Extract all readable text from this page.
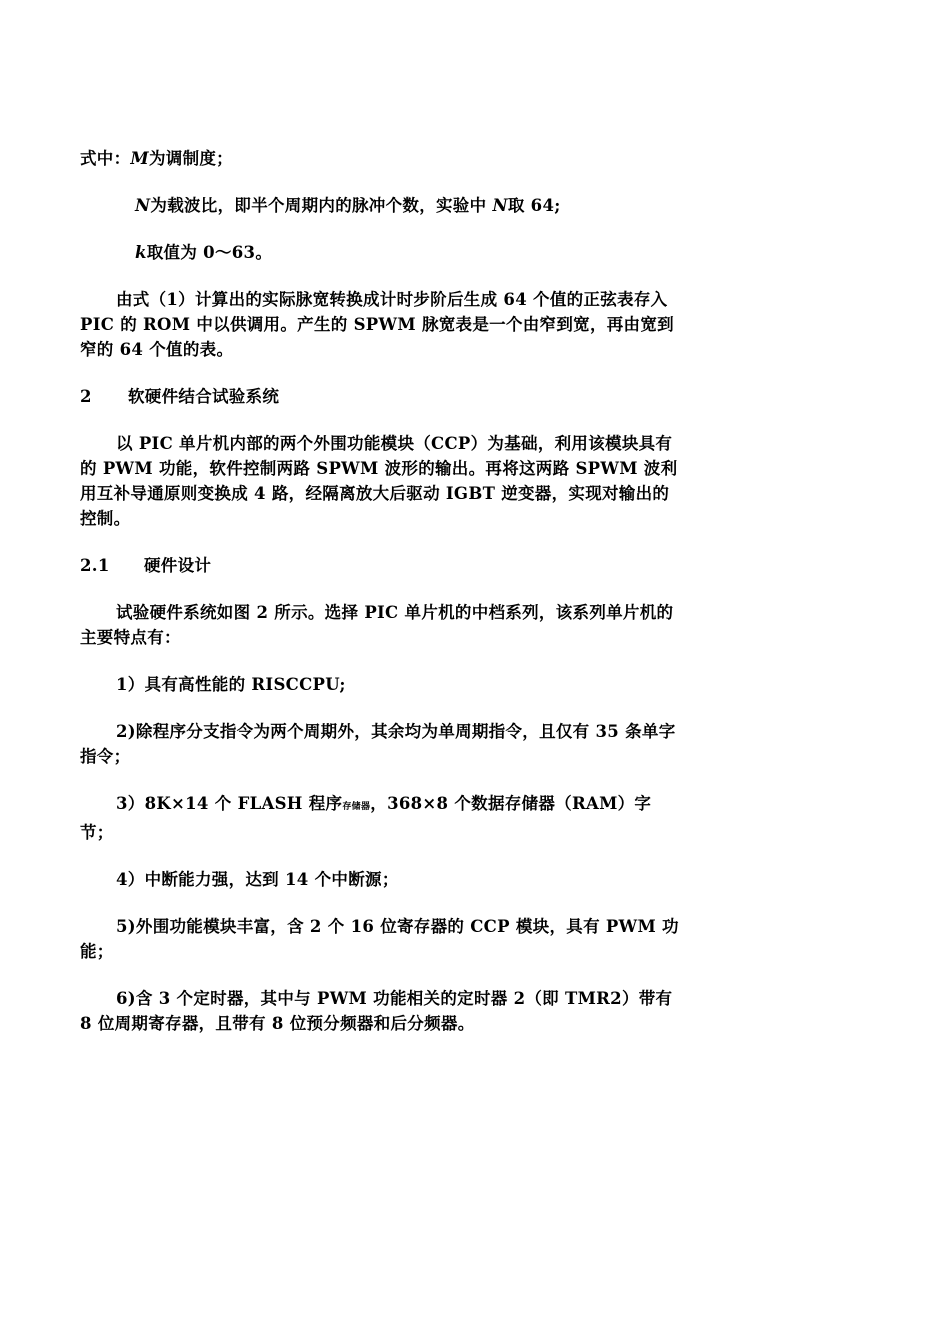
式中：M为调制度；

N为载波比，即半个周期内的脉冲个数，实验中 N取 64;

k取值为 0～63。

由式（1）计算出的实际脉宽转换成计时步阶后生成 64 个值的正弦表存入 PIC 的 ROM 中以供调用。产生的 SPWM 脉宽表是一个由窄到宽，再由宽到窄的 64 个值的表。

2 软硬件结合试验系统

以 PIC 单片机内部的两个外围功能模块（CCP）为基础，利用该模块具有的 PWM 功能，软件控制两路 SPWM 波形的输出。再将这两路 SPWM 波利用互补导通原则变换成 4 路，经隔离放大后驱动 IGBT 逆变器，实现对输出的控制。

2.1 硬件设计

试验硬件系统如图 2 所示。选择 PIC 单片机的中档系列，该系列单片机的主要特点有：

1）具有高性能的 RISCCPU;

2)除程序分支指令为两个周期外，其余均为单周期指令，且仅有 35 条单字指令；

3）8K×14 个 FLASH 程序存储器，368×8 个数据存储器（RAM）字节；

4）中断能力强，达到 14 个中断源；

5)外围功能模块丰富，含 2 个 16 位寄存器的 CCP 模块，具有 PWM 功能；

6)含 3 个定时器，其中与 PWM 功能相关的定时器 2（即 TMR2）带有 8 位周期寄存器，且带有 8 位预分频器和后分频器。
